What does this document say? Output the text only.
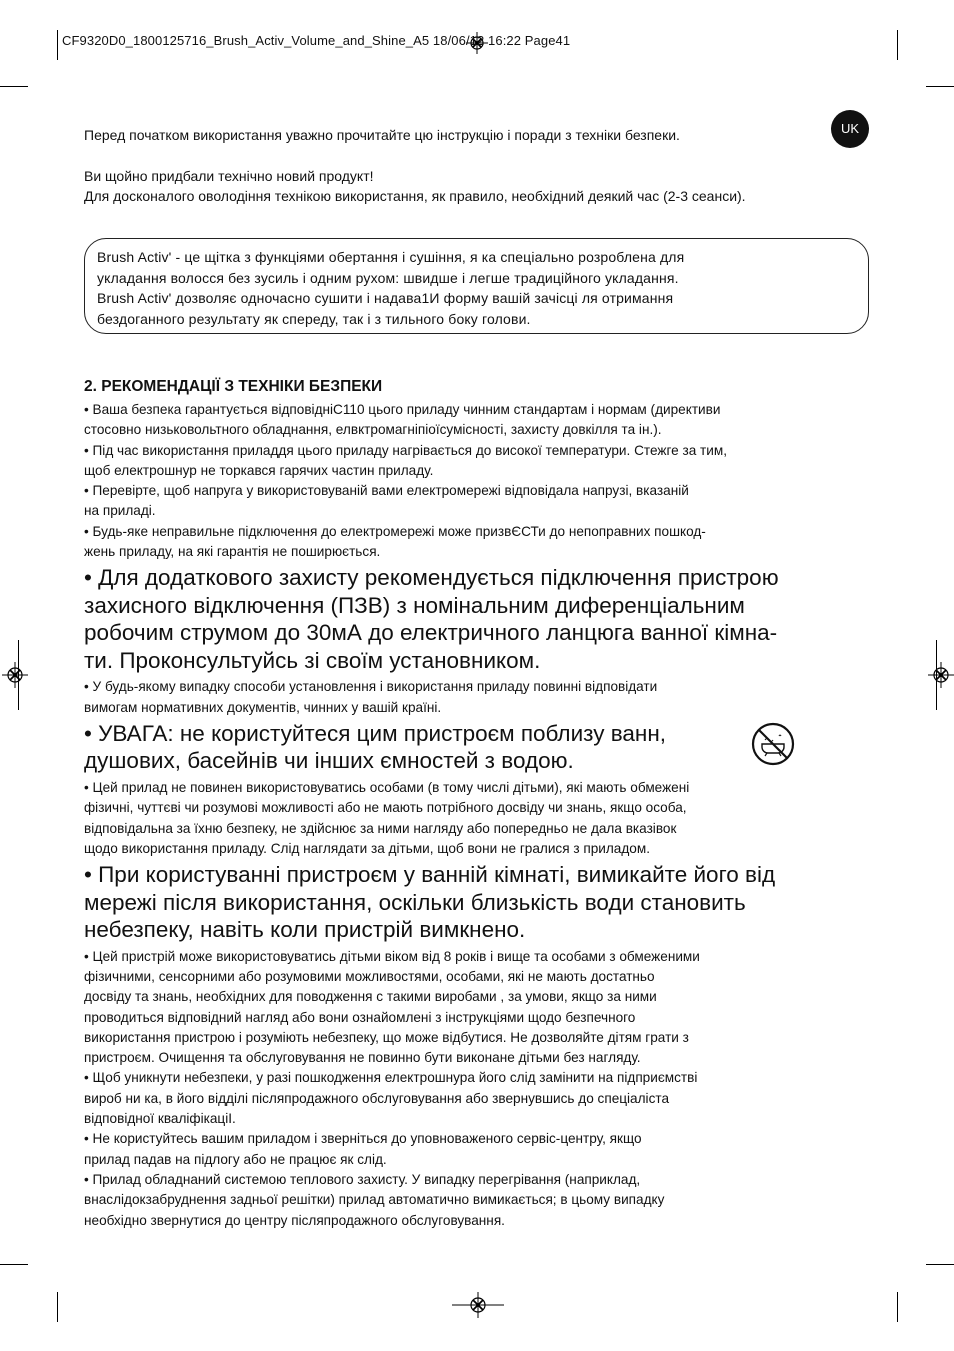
CF9320D0_1800125716_Brush_Activ_Volume_and_Shine_A5 18/06/12 16:22 Page41
UK
Перед початком використання уважно прочитайте цю інструкцію і поради з техніки безпеки.
Ви щойно придбали технічно новий продукт!
Для досконалого оволодіння технікою використання, як правило, необхідний деякий час (2-3 сеанси).
Brush Activ' - це щітка з функціями обертання і сушіння, я ка спеціально розроблена для
укладання волосся без зусиль і одним рухом: швидше і легше традиційного укладання.
Brush Activ' дозволяє одночасно сушити і надава1И форму вашій зачісці ля отримання
бездоганного результату як спереду, так і з тильного боку голови.
2. РЕКОМЕНДАЦІЇ З ТЕХНІКИ БЕЗПЕКИ
• Ваша безпека гарантується відповідніС110 цього приладу чинним стандартам і нормам (директиви
стосовно низьковольтного обладнання, елвктромагніпіоїсумісності, захисту довкілля та ін.).
• Під час використання приладдя цього приладу нагрівається до високої температури. Стежге за тим,
щоб електрошнур не торкався гарячих частин приладу.
• Перевірте, щоб напруга у використовуваній вами електромережі відповідала напрузі, вказаній
на приладі.
• Будь-яке неправильне підключення до електромережі може призвЄСТи до непоправних пошкод-
жень приладу, на які гарантія не поширюється.
• Для додаткового захисту рекомендується підключення пристрою
захисного відключення (ПЗВ) з номінальним диференціальним
робочим струмом до 30мА до електричного ланцюга ванної кімна-
ти. Проконсультуйсь зі своїм установником.
• У будь-якому випадку способи установлення і використання приладу повинні відповідати
вимогам нормативних документів, чинних у вашій країні.
• УВАГА: не користуйтеся цим пристроєм поблизу ванн,
душових, басейнів чи інших ємностей з водою.
• Цей прилад не повинен використовуватись особами (в тому числі дітьми), які мають обмежені
фізичні, чуттєві чи розумові можливості або не мають потрібного досвіду чи знань, якщо особа,
відповідальна за їхню безпеку, не здійснює за ними нагляду або попередньо не дала вказівок
щодо використання приладу. Слід наглядати за дітьми, щоб вони не гралися з приладом.
• При користуванні пристроєм у ванній кімнаті, вимикайте його від
мережі після використання, оскільки близькість води становить
небезпеку, навіть коли пристрій вимкнено.
• Цей пристрій може використовуватись дітьми віком від 8 років і вище та особами з обмеженими
фізичними, сенсорними або розумовими можливостями, особами, які не мають достатньо
досвіду та знань, необхідних для поводження с такими виробами , за умови, якщо за ними
проводиться відповідний нагляд або вони ознайомлені з інструкціями щодо безпечного
використання пристрою і розуміють небезпеку, що може відбутися. Не дозволяйте дітям грати з
пристроєм. Очищення та обслуговування не повинно бути виконане дітьми без нагляду.
• Щоб уникнути небезпеки, у разі пошкодження електрошнура його слід замінити на підприємстві
вироб ни ка, в його відділі післяпродажного обслуговування або звернувшись до спеціаліста
відповідної кваліфікаціІ.
• Не користуйтесь вашим приладом і зверніться до уповноваженого сервіс-центру, якщо
прилад падав на підлогу або не працює як слід.
• Прилад обладнаний системою теплового захисту. У випадку перегрівання (наприклад,
внаслідокзабруднення задньої решітки) прилад автоматично вимикається; в цьому випадку
необхідно звернутися до центру післяпродажного обслуговування.
